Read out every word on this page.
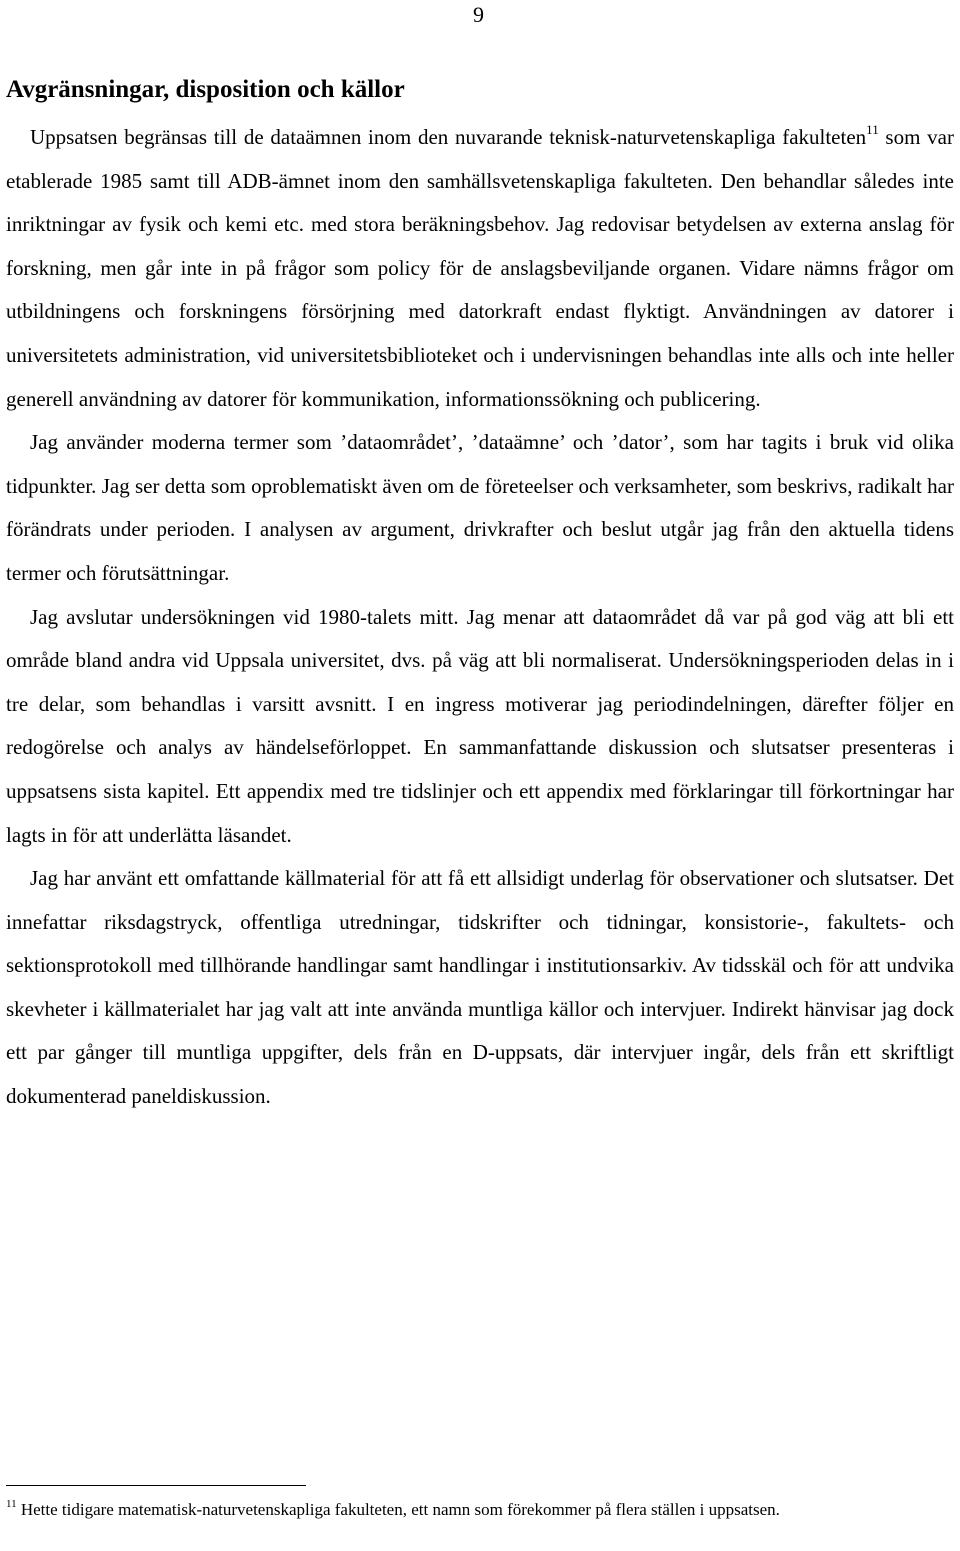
9
Avgränsningar, disposition och källor

Uppsatsen begränsas till de dataämnen inom den nuvarande teknisk-naturvetenskapliga fakulteten$^{11}$ som var etablerade 1985 samt till ADB-ämnet inom den samhällsvetenskapliga fakulteten. Den behandlar således inte inriktningar av fysik och kemi etc. med stora beräkningsbehov. Jag redovisar betydelsen av externa anslag för forskning, men går inte in på frågor som policy för de anslagsbeviljande organen. Vidare nämns frågor om utbildningens och forskningens försörjning med datorkraft endast flyktigt. Användningen av datorer i universitetets administration, vid universitetsbiblioteket och i undervisningen behandlas inte alls och inte heller generell användning av datorer för kommunikation, informationssökning och publicering.

Jag använder moderna termer som ’dataområdet’, ’dataämne’ och ’dator’, som har tagits i bruk vid olika tidpunkter. Jag ser detta som oproblematiskt även om de företeelser och verksamheter, som beskrivs, radikalt har förändrats under perioden. I analysen av argument, drivkrafter och beslut utgår jag från den aktuella tidens termer och förutsättningar.

Jag avslutar undersökningen vid 1980-talets mitt. Jag menar att dataområdet då var på god väg att bli ett område bland andra vid Uppsala universitet, dvs. på väg att bli normaliserat. Undersökningsperioden delas in i tre delar, som behandlas i varsitt avsnitt. I en ingress motiverar jag periodindelningen, därefter följer en redogörelse och analys av händelseförloppet. En sammanfattande diskussion och slutsatser presenteras i uppsatsens sista kapitel. Ett appendix med tre tidslinjer och ett appendix med förklaringar till förkortningar har lagts in för att underlätta läsandet.

Jag har använt ett omfattande källmaterial för att få ett allsidigt underlag för observationer och slutsatser. Det innefattar riksdagstryck, offentliga utredningar, tidskrifter och tidningar, konsistorie-, fakultets- och sektionsprotokoll med tillhörande handlingar samt handlingar i institutionsarkiv. Av tidsskäl och för att undvika skevheter i källmaterialet har jag valt att inte använda muntliga källor och intervjuer. Indirekt hänvisar jag dock ett par gånger till muntliga uppgifter, dels från en D-uppsats, där intervjuer ingår, dels från ett skriftligt dokumenterad paneldiskussion.

$^{11}$ Hette tidigare matematisk-naturvetenskapliga fakulteten, ett namn som förekommer på flera ställen i uppsatsen.
